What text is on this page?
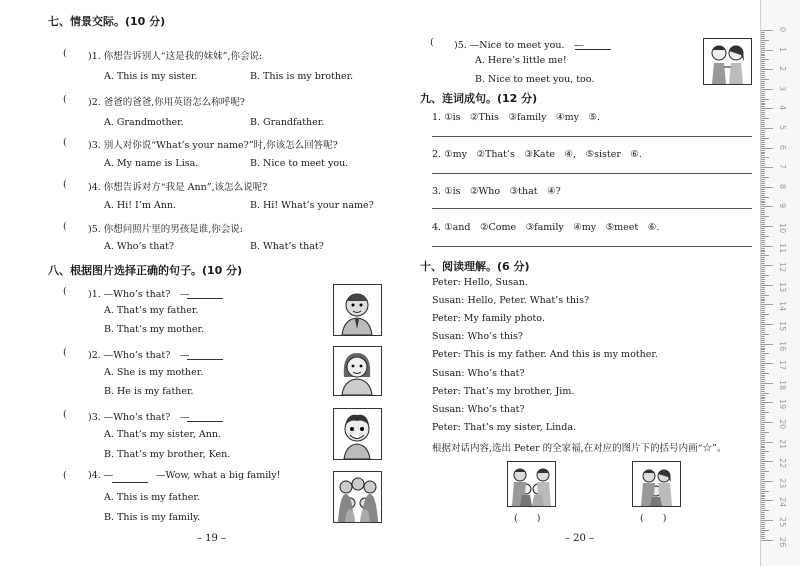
七、情景交际。(10 分)
( )1. 你想告诉别人“这是我的妹妹”,你会说:
A. This is my sister.	B. This is my brother.
( )2. 爸爸的爸爸,你用英语怎么称呼呢?
A. Grandmother.	B. Grandfather.
( )3. 别人对你说“What’s your name?”时,你该怎么回答呢?
A. My name is Lisa.	B. Nice to meet you.
( )4. 你想告诉对方“我是 Ann”,该怎么说呢?
A. Hi! I’m Ann.	B. Hi! What’s your name?
( )5. 你想问照片里的男孩是谁,你会说:
A. Who’s that?	B. What’s that?
八、根据图片选择正确的句子。(10 分)
( )1. —Who’s that?　—
A. That’s my father.
B. That’s my mother.
( )2. —Who’s that?　—
A. She is my mother.
B. He is my father.
( )3. —Who’s that?　—
A. That’s my sister, Ann.
B. That’s my brother, Ken.
( )4. —	—Wow, what a big family!
A. This is my father.
B. This is my family.
– 19 –
( )5. —Nice to meet you.　—
A. Here’s little me!
B. Nice to meet you, too.
九、连词成句。(12 分)
1. ①is　②This　③family　④my　⑤.
2. ①my　②That’s　③Kate　④,　⑤sister　⑥.
3. ①is　②Who　③that　④?
4. ①and　②Come　③family　④my　⑤meet　⑥.
十、阅读理解。(6 分)
Peter: Hello, Susan.
Susan: Hello, Peter. What’s this?
Peter: My family photo.
Susan: Who’s this?
Peter: This is my father. And this is my mother.
Susan: Who’s that?
Peter: That’s my brother, Jim.
Susan: Who’s that?
Peter: That’s my sister, Linda.
根据对话内容,选出 Peter 的全家福,在对应的图片下的括号内画“☆”。
(　　)	(　　)
– 20 –
0
1
2
3
4
5
6
7
8
9
10
11
12
13
14
15
16
17
18
19
20
21
22
23
24
25
26
